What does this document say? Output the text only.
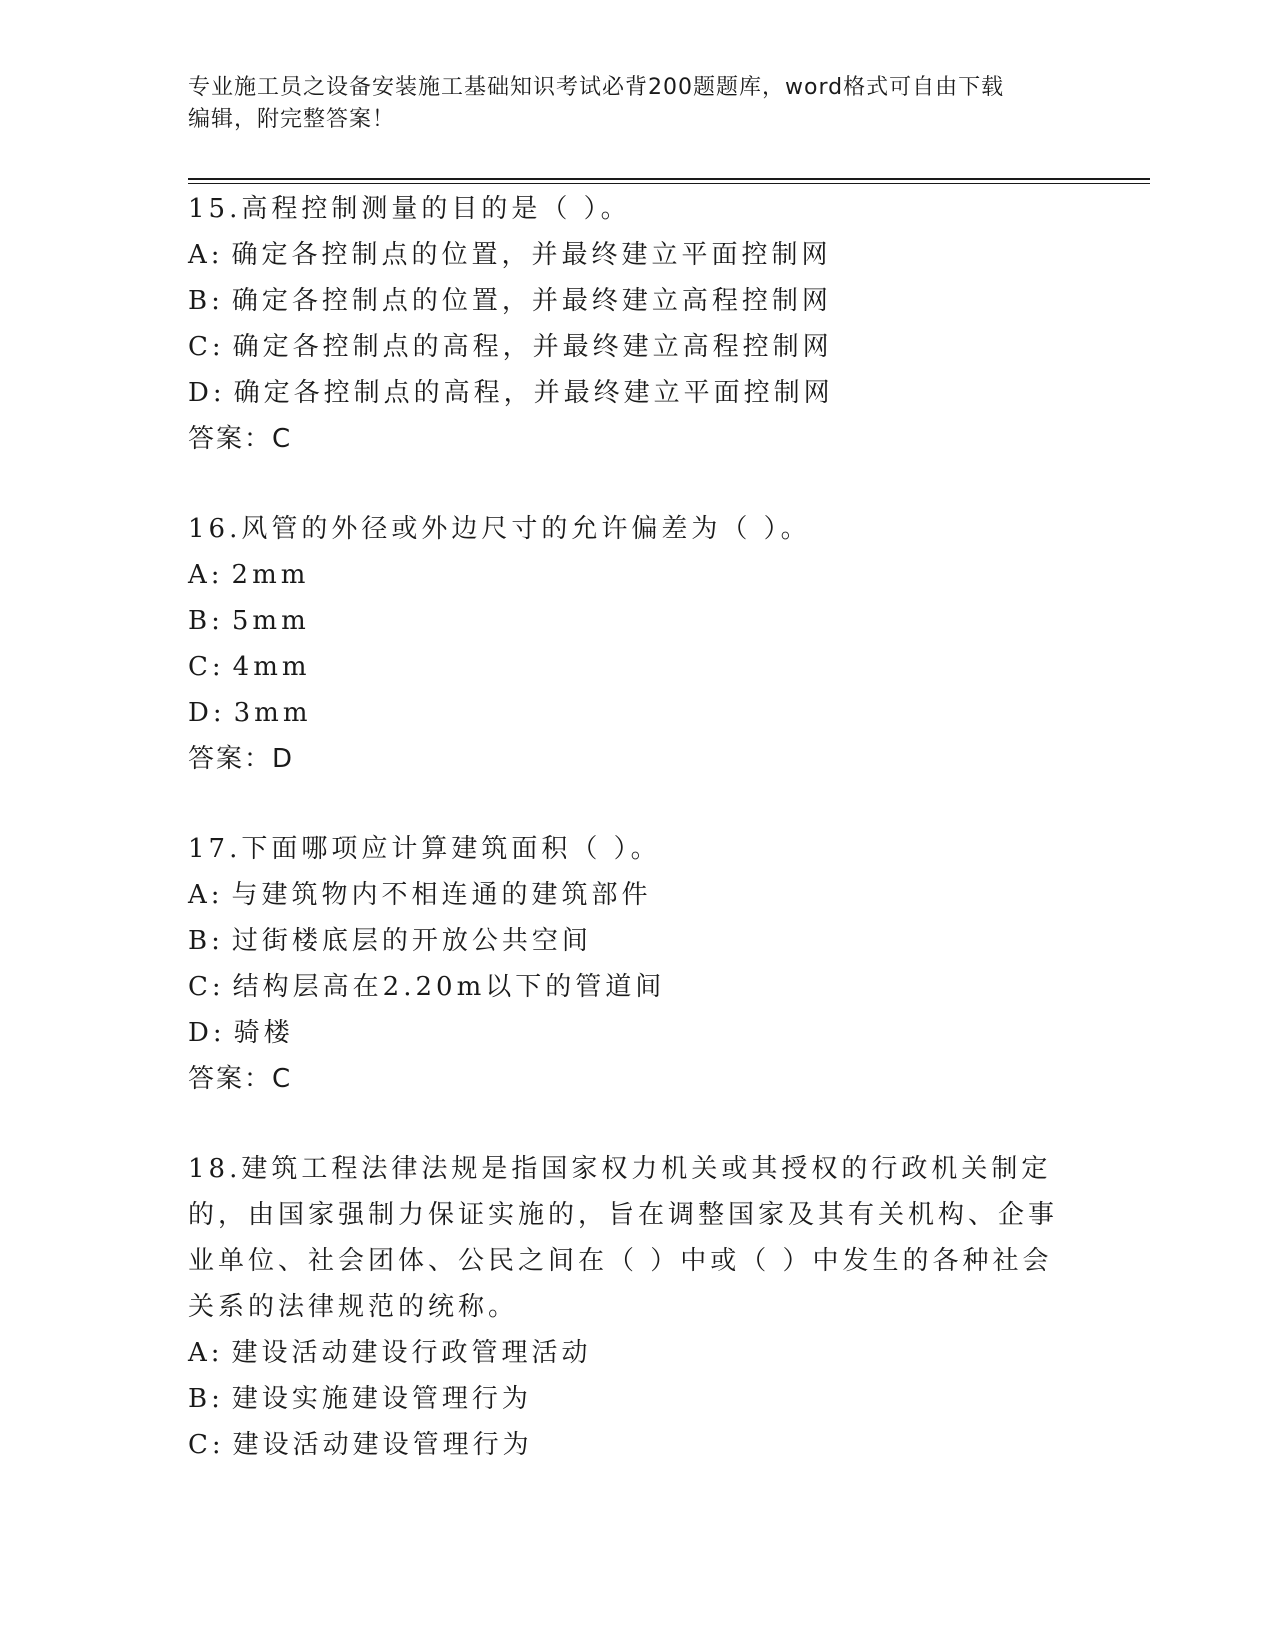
专业施工员之设备安装施工基础知识考试必背200题题库，word格式可自由下载
编辑，附完整答案！
15.高程控制测量的目的是（ ）。
A: 确定各控制点的位置，并最终建立平面控制网
B: 确定各控制点的位置，并最终建立高程控制网
C: 确定各控制点的高程，并最终建立高程控制网
D: 确定各控制点的高程，并最终建立平面控制网
答案：C
16.风管的外径或外边尺寸的允许偏差为（ ）。
A: 2mm
B: 5mm
C: 4mm
D: 3mm
答案：D
17.下面哪项应计算建筑面积（ ）。
A: 与建筑物内不相连通的建筑部件
B: 过街楼底层的开放公共空间
C: 结构层高在2.20m以下的管道间
D: 骑楼
答案：C
18.建筑工程法律法规是指国家权力机关或其授权的行政机关制定的，由国家强制力保证实施的，旨在调整国家及其有关机构、企事业单位、社会团体、公民之间在（ ）中或（ ）中发生的各种社会关系的法律规范的统称。
A: 建设活动建设行政管理活动
B: 建设实施建设管理行为
C: 建设活动建设管理行为
